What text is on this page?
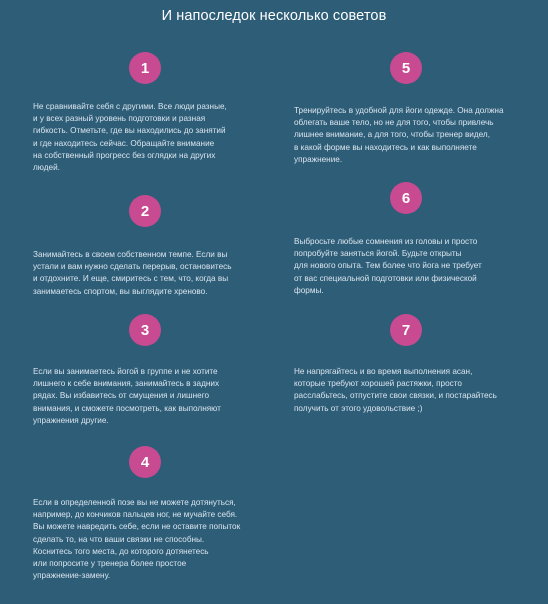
И напоследок несколько советов
1

Не сравнивайте себя с другими. Все люди разные,
и у всех разный уровень подготовки и разная
гибкость. Отметьте, где вы находились до занятий
и где находитесь сейчас. Обращайте внимание
на собственный прогресс без оглядки на других
людей.

2

Занимайтесь в своем собственном темпе. Если вы
устали и вам нужно сделать перерыв, остановитесь
и отдохните. И еще, смиритесь с тем, что, когда вы
занимаетесь спортом, вы выглядите хреново.

3

Если вы занимаетесь йогой в группе и не хотите
лишнего к себе внимания, занимайтесь в задних
рядах. Вы избавитесь от смущения и лишнего
внимания, и сможете посмотреть, как выполняют
упражнения другие.

4

Если в определенной позе вы не можете дотянуться,
например, до кончиков пальцев ног, не мучайте себя.
Вы можете навредить себе, если не оставите попыток
сделать то, на что ваши связки не способны.
Коснитесь того места, до которого дотянетесь
или попросите у тренера более простое
упражнение-замену.

5

Тренируйтесь в удобной для йоги одежде. Она должна
облегать ваше тело, но не для того, чтобы привлечь
лишнее внимание, а для того, чтобы тренер видел,
в какой форме вы находитесь и как выполняете
упражнение.

6

Выбросьте любые сомнения из головы и просто
попробуйте заняться йогой. Будьте открыты
для нового опыта. Тем более что йога не требует
от вас специальной подготовки или физической
формы.

7

Не напрягайтесь и во время выполнения асан,
которые требуют хорошей растяжки, просто
расслабьтесь, отпустите свои связки, и постарайтесь
получить от этого удовольствие ;)
